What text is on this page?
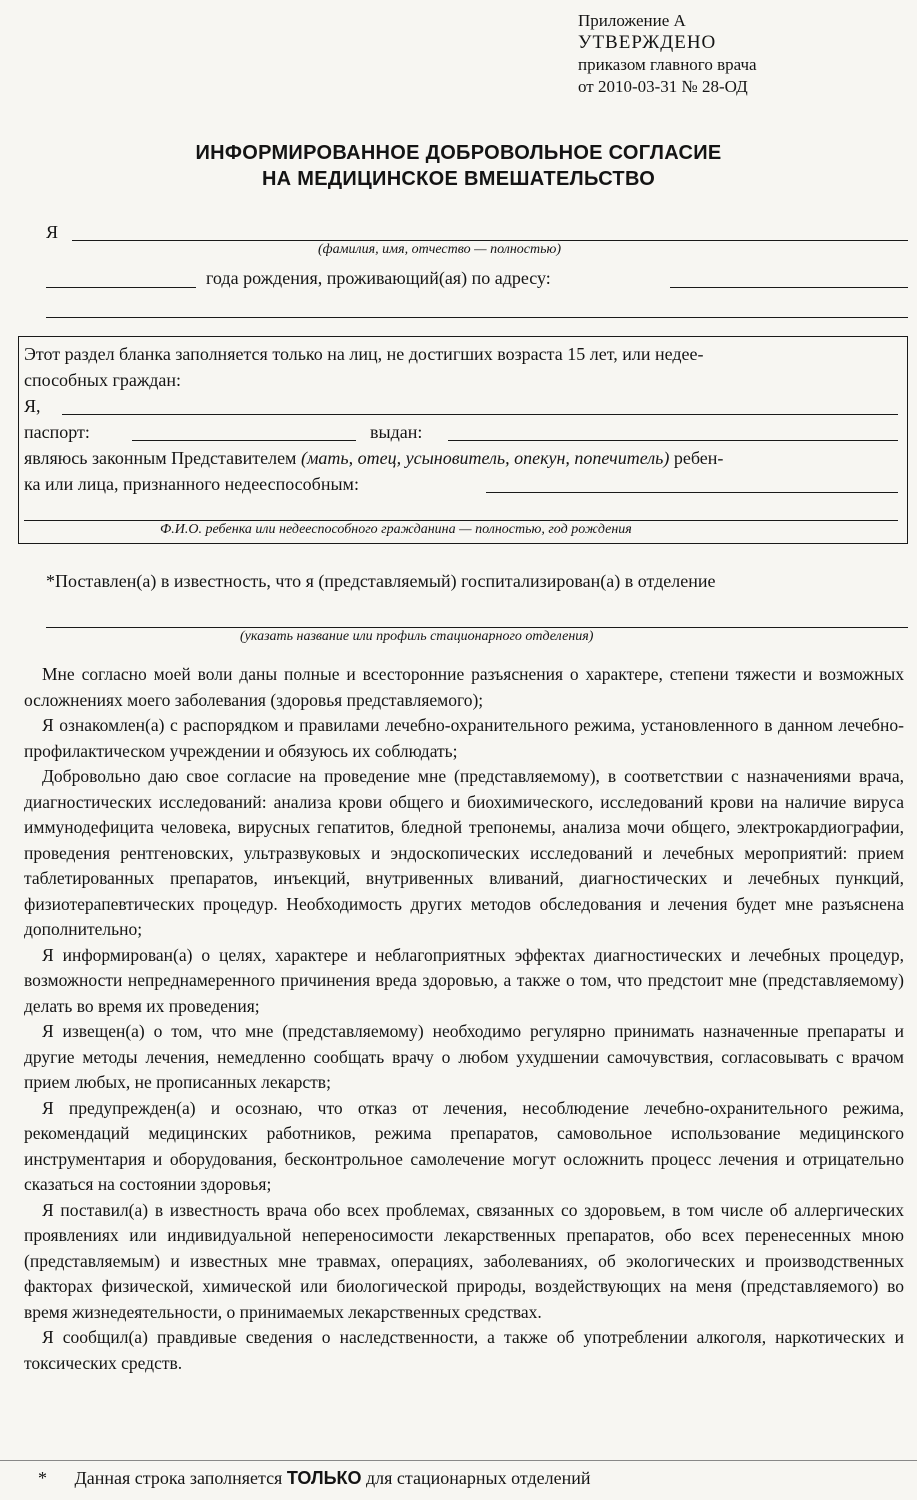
Приложение А
УТВЕРЖДЕНО
приказом главного врача
от 2010-03-31 № 28-ОД
ИНФОРМИРОВАННОЕ ДОБРОВОЛЬНОЕ СОГЛАСИЕ
НА МЕДИЦИНСКОЕ ВМЕШАТЕЛЬСТВО
Я
(фамилия, имя, отчество — полностью)
года рождения, проживающий(ая) по адресу:
Этот раздел бланка заполняется только на лиц, не достигших возраста 15 лет, или недее-
способных граждан:
Я,
паспорт:	выдан:
являюсь законным Представителем (мать, отец, усыновитель, опекун, попечитель) ребен-
ка или лица, признанного недееспособным:
Ф.И.О. ребенка или недееспособного гражданина — полностью, год рождения
*Поставлен(а) в известность, что я (представляемый) госпитализирован(а) в отделение
(указать название или профиль стационарного отделения)

Мне согласно моей воли даны полные и всесторонние разъяснения о характере, степени тяжести и возможных осложнениях моего заболевания (здоровья представляемого);

Я ознакомлен(а) с распорядком и правилами лечебно-охранительного режима, установленного в данном лечебно-профилактическом учреждении и обязуюсь их соблюдать;

Добровольно даю свое согласие на проведение мне (представляемому), в соответствии с назначениями врача, диагностических исследований: анализа крови общего и биохимического, исследований крови на наличие вируса иммунодефицита человека, вирусных гепатитов, бледной трепонемы, анализа мочи общего, электрокардиографии, проведения рентгеновских, ультразвуковых и эндоскопических исследований и лечебных мероприятий: прием таблетированных препаратов, инъекций, внутривенных вливаний, диагностических и лечебных пункций, физиотерапевтических процедур. Необходимость других методов обследования и лечения будет мне разъяснена дополнительно;

Я информирован(а) о целях, характере и неблагоприятных эффектах диагностических и лечебных процедур, возможности непреднамеренного причинения вреда здоровью, а также о том, что предстоит мне (представляемому) делать во время их проведения;

Я извещен(а) о том, что мне (представляемому) необходимо регулярно принимать назначенные препараты и другие методы лечения, немедленно сообщать врачу о любом ухудшении самочувствия, согласовывать с врачом прием любых, не прописанных лекарств;

Я предупрежден(а) и осознаю, что отказ от лечения, несоблюдение лечебно-охранительного режима, рекомендаций медицинских работников, режима препаратов, самовольное использование медицинского инструментария и оборудования, бесконтрольное самолечение могут осложнить процесс лечения и отрицательно сказаться на состоянии здоровья;

Я поставил(а) в известность врача обо всех проблемах, связанных со здоровьем, в том числе об аллергических проявлениях или индивидуальной непереносимости лекарственных препаратов, обо всех перенесенных мною (представляемым) и известных мне травмах, операциях, заболеваниях, об экологических и производственных факторах физической, химической или биологической природы, воздействующих на меня (представляемого) во время жизнедеятельности, о принимаемых лекарственных средствах.

Я сообщил(а) правдивые сведения о наследственности, а также об употреблении алкоголя, наркотических и токсических средств.

* Данная строка заполняется ТОЛЬКО для стационарных отделений
